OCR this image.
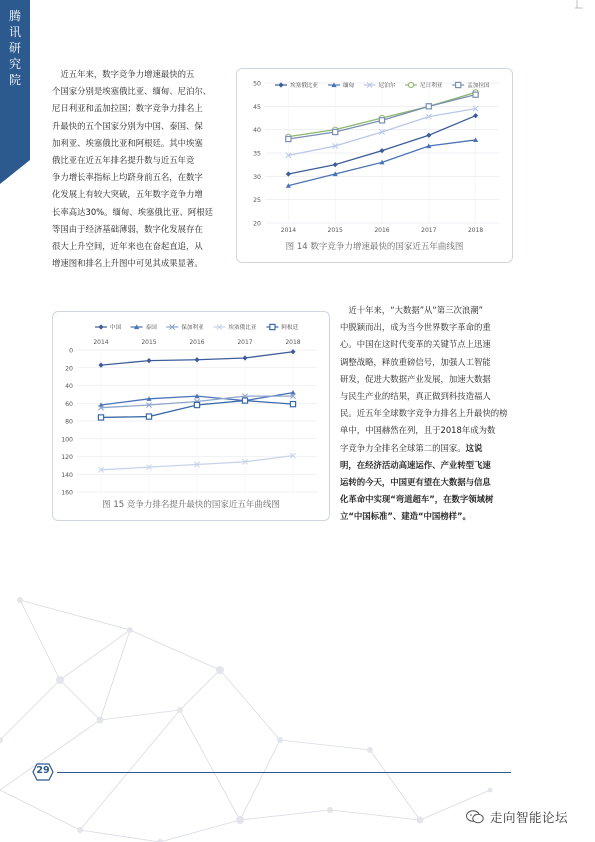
腾讯研究院	近五年来，数字竞争力增速最快的五
个国家分别是埃塞俄比亚、缅甸、尼泊尔、
尼日利亚和孟加拉国；数字竞争力排名上
升最快的五个国家分别为中国、泰国、保
加利亚、埃塞俄比亚和阿根廷。其中埃塞
俄比亚在近五年排名提升数与近五年竞
争力增长率指标上均跻身前五名，在数字
化发展上有较大突破，五年数字竞争力增
长率高达30%。缅甸、埃塞俄比亚、阿根廷
等国由于经济基础薄弱，数字化发展存在
很大上升空间，近年来也在奋起直追，从
增速图和排名上升图中可见其成果显著。
20
25
30
35
40
45
50
2014	2015	2016	2017	2018
埃塞俄比亚	缅甸	尼泊尔	尼日利亚	孟加拉国
图 14 数字竞争力增速最快的国家近五年曲线图
0
20
40
60
80
100
120
140
160
2014	2015	2016	2017	2018
中国	泰国	保加利亚	埃塞俄比亚	阿根廷
图 15 竞争力排名提升最快的国家近五年曲线图
　近十年来，“大数据”从“第三次浪潮”
中脱颖而出，成为当今世界数字革命的重
心。中国在这时代变革的关键节点上迅速
调整战略，释放重磅信号，加强人工智能
研发，促进大数据产业发展，加速大数据
与民生产业的结果，真正做到科技造福人
民。近五年全球数字竞争力排名上升最快的榜
单中，中国赫然在列，且于2018年成为数
字竞争力全排名全球第二的国家。这说
明，在经济活动高速运作、产业转型飞速
运转的今天，中国更有望在大数据与信息
化革命中实现“弯道超车”，在数字领域树
立“中国标准”、建造“中国榜样”。
29
走向智能论坛
